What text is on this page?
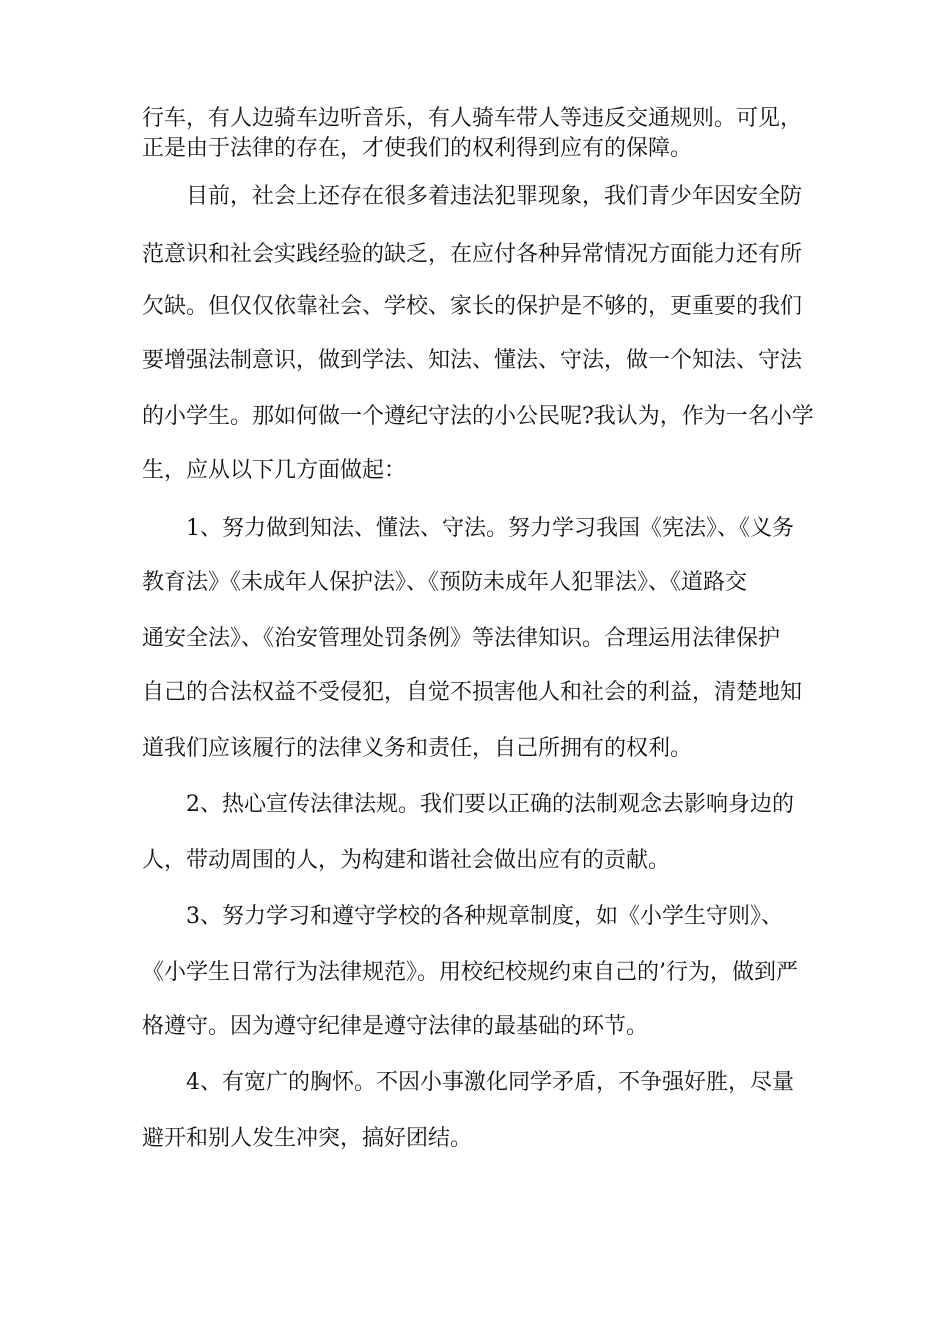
行车，有人边骑车边听音乐，有人骑车带人等违反交通规则。可见，
正是由于法律的存在，才使我们的权利得到应有的保障。
目前，社会上还存在很多着违法犯罪现象，我们青少年因安全防
范意识和社会实践经验的缺乏，在应付各种异常情况方面能力还有所
欠缺。但仅仅依靠社会、学校、家长的保护是不够的，更重要的我们
要增强法制意识，做到学法、知法、懂法、守法，做一个知法、守法
的小学生。那如何做一个遵纪守法的小公民呢?我认为，作为一名小学
生，应从以下几方面做起：
1、努力做到知法、懂法、守法。努力学习我国《宪法》、《义务
教育法》《未成年人保护法》、《预防未成年人犯罪法》、《道路交
通安全法》、《治安管理处罚条例》等法律知识。合理运用法律保护
自己的合法权益不受侵犯，自觉不损害他人和社会的利益，清楚地知
道我们应该履行的法律义务和责任，自己所拥有的权利。
2、热心宣传法律法规。我们要以正确的法制观念去影响身边的
人，带动周围的人，为构建和谐社会做出应有的贡献。
3、努力学习和遵守学校的各种规章制度，如《小学生守则》、
《小学生日常行为法律规范》。用校纪校规约束自己的’行为，做到严
格遵守。因为遵守纪律是遵守法律的最基础的环节。
4、有宽广的胸怀。不因小事激化同学矛盾，不争强好胜，尽量
避开和别人发生冲突，搞好团结。
